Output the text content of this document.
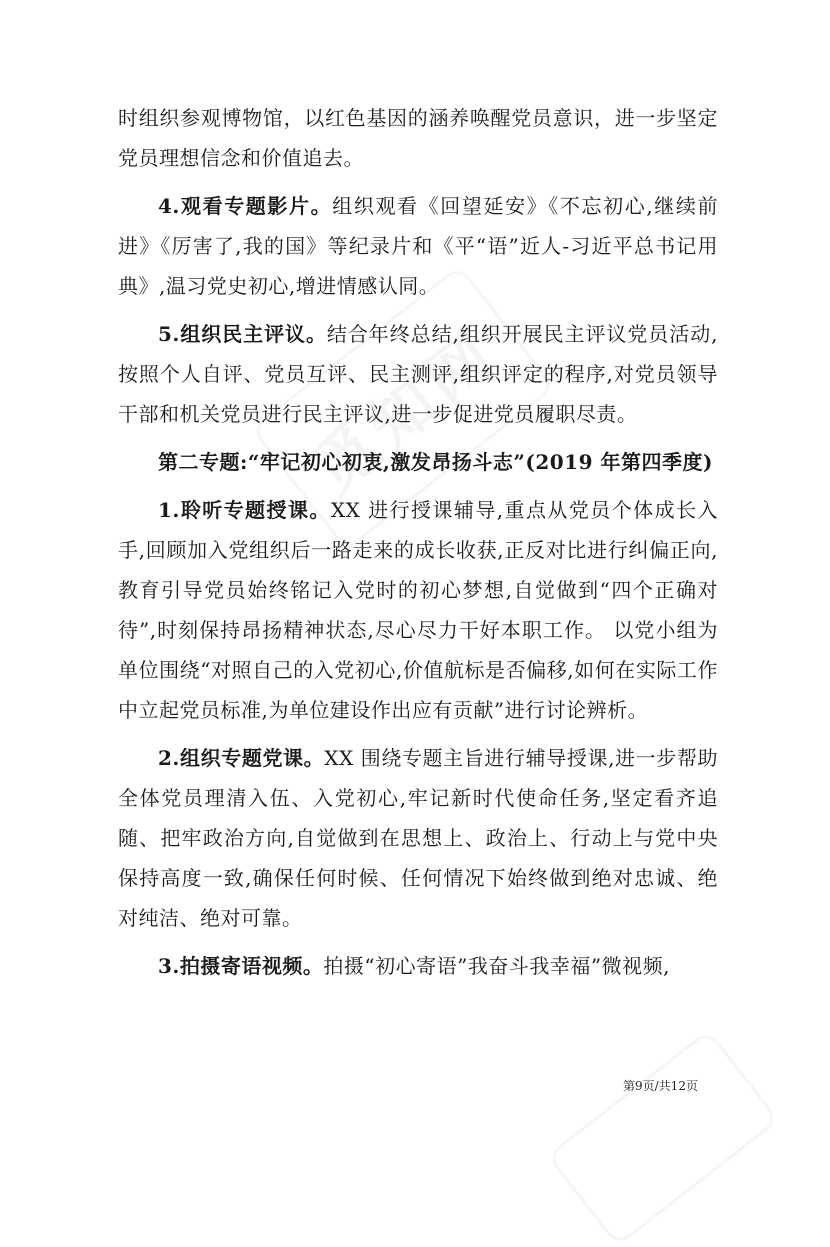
时组织参观博物馆，以红色基因的涵养唤醒党员意识，进一步坚定党员理想信念和价值追去。

4.观看专题影片。组织观看《回望延安》《不忘初心,继续前进》《厉害了,我的国》等纪录片和《平“语”近人-习近平总书记用典》,温习党史初心,增进情感认同。

5.组织民主评议。结合年终总结,组织开展民主评议党员活动,按照个人自评、党员互评、民主测评,组织评定的程序,对党员领导干部和机关党员进行民主评议,进一步促进党员履职尽责。

第二专题:“牢记初心初衷,激发昂扬斗志”(2019 年第四季度)

1.聆听专题授课。XX 进行授课辅导,重点从党员个体成长入手,回顾加入党组织后一路走来的成长收获,正反对比进行纠偏正向,教育引导党员始终铭记入党时的初心梦想,自觉做到“四个正确对待”,时刻保持昂扬精神状态,尽心尽力干好本职工作。 以党小组为单位围绕“对照自己的入党初心,价值航标是否偏移,如何在实际工作中立起党员标准,为单位建设作出应有贡献”进行讨论辨析。

2.组织专题党课。XX 围绕专题主旨进行辅导授课,进一步帮助全体党员理清入伍、入党初心,牢记新时代使命任务,坚定看齐追随、把牢政治方向,自觉做到在思想上、政治上、行动上与党中央保持高度一致,确保任何时候、任何情况下始终做到绝对忠诚、绝对纯洁、绝对可靠。

3.拍摄寄语视频。拍摄“初心寄语”我奋斗我幸福”微视频,

第9页/共12页
